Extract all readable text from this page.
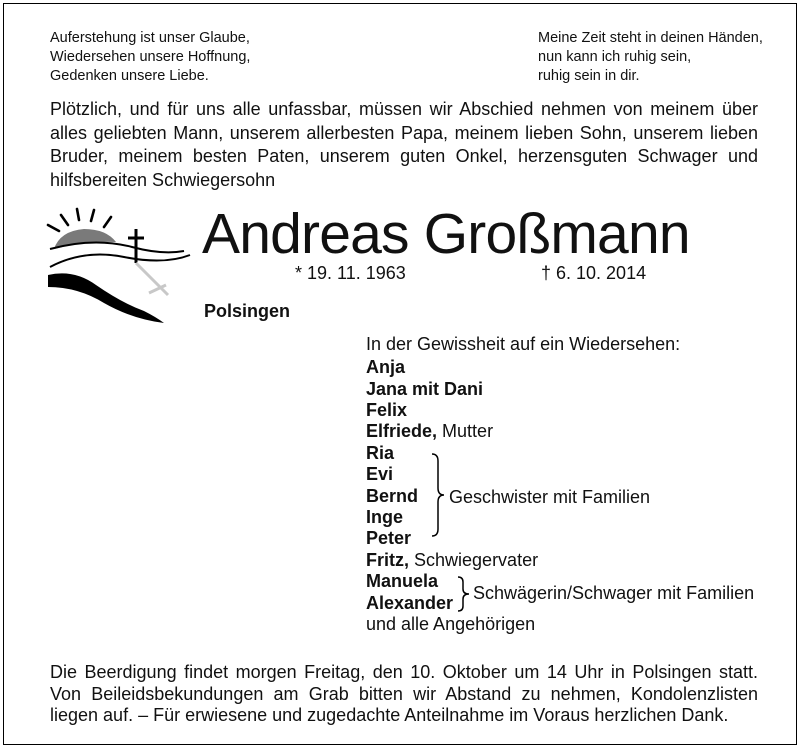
Auferstehung ist unser Glaube,
Wiedersehen unsere Hoffnung,
Gedenken unsere Liebe.
Meine Zeit steht in deinen Händen,
nun kann ich ruhig sein,
ruhig sein in dir.
Plötzlich, und für uns alle unfassbar, müssen wir Abschied nehmen von meinem über alles geliebten Mann, unserem allerbesten Papa, meinem lieben Sohn, unserem lieben Bruder, meinem besten Paten, unserem guten Onkel, herzensguten Schwager und hilfsbereiten Schwiegersohn
Andreas Großmann
* 19. 11. 1963	† 6. 10. 2014
Polsingen
In der Gewissheit auf ein Wiedersehen:
Anja
Jana mit Dani
Felix
Elfriede, Mutter
Ria
Evi
Bernd
Inge
Peter
Geschwister mit Familien
Fritz, Schwiegervater
Manuela
Alexander Schwägerin/Schwager mit Familien
und alle Angehörigen
Die Beerdigung findet morgen Freitag, den 10. Oktober um 14 Uhr in Polsingen statt. Von Beileidsbekundungen am Grab bitten wir Abstand zu nehmen, Kondolenzlisten liegen auf. – Für erwiesene und zugedachte Anteilnahme im Voraus herzlichen Dank.
